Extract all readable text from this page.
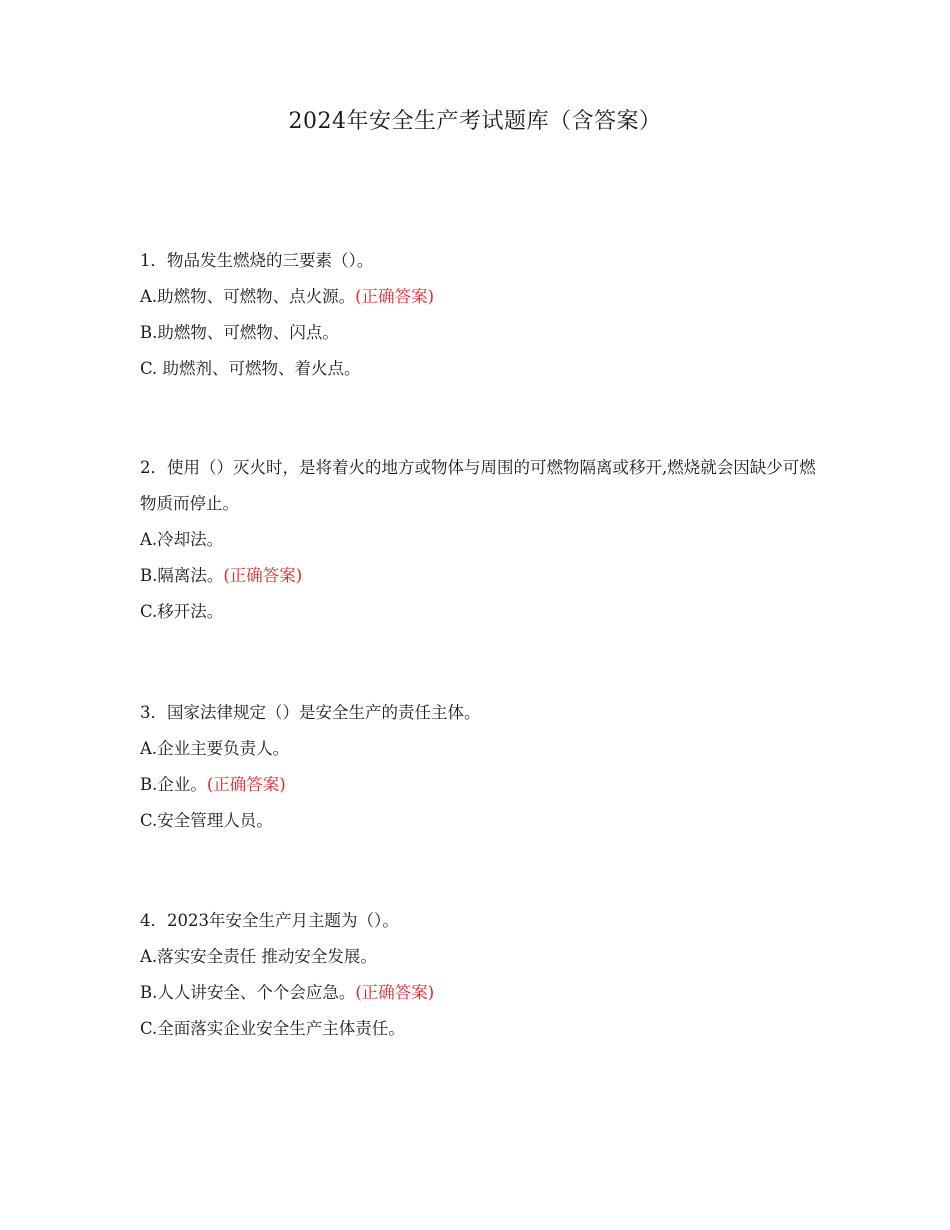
2024年安全生产考试题库（含答案）

1．物品发生燃烧的三要素（）。

A.助燃物、可燃物、点火源。(正确答案)

B.助燃物、可燃物、闪点。

C. 助燃剂、可燃物、着火点。

2．使用（）灭火时，是将着火的地方或物体与周围的可燃物隔离或移开,燃烧就会因缺少可燃物质而停止。

A.冷却法。

B.隔离法。(正确答案)

C.移开法。

3．国家法律规定（）是安全生产的责任主体。

A.企业主要负责人。

B.企业。(正确答案)

C.安全管理人员。

4．2023年安全生产月主题为（）。

A.落实安全责任 推动安全发展。

B.人人讲安全、个个会应急。(正确答案)

C.全面落实企业安全生产主体责任。
